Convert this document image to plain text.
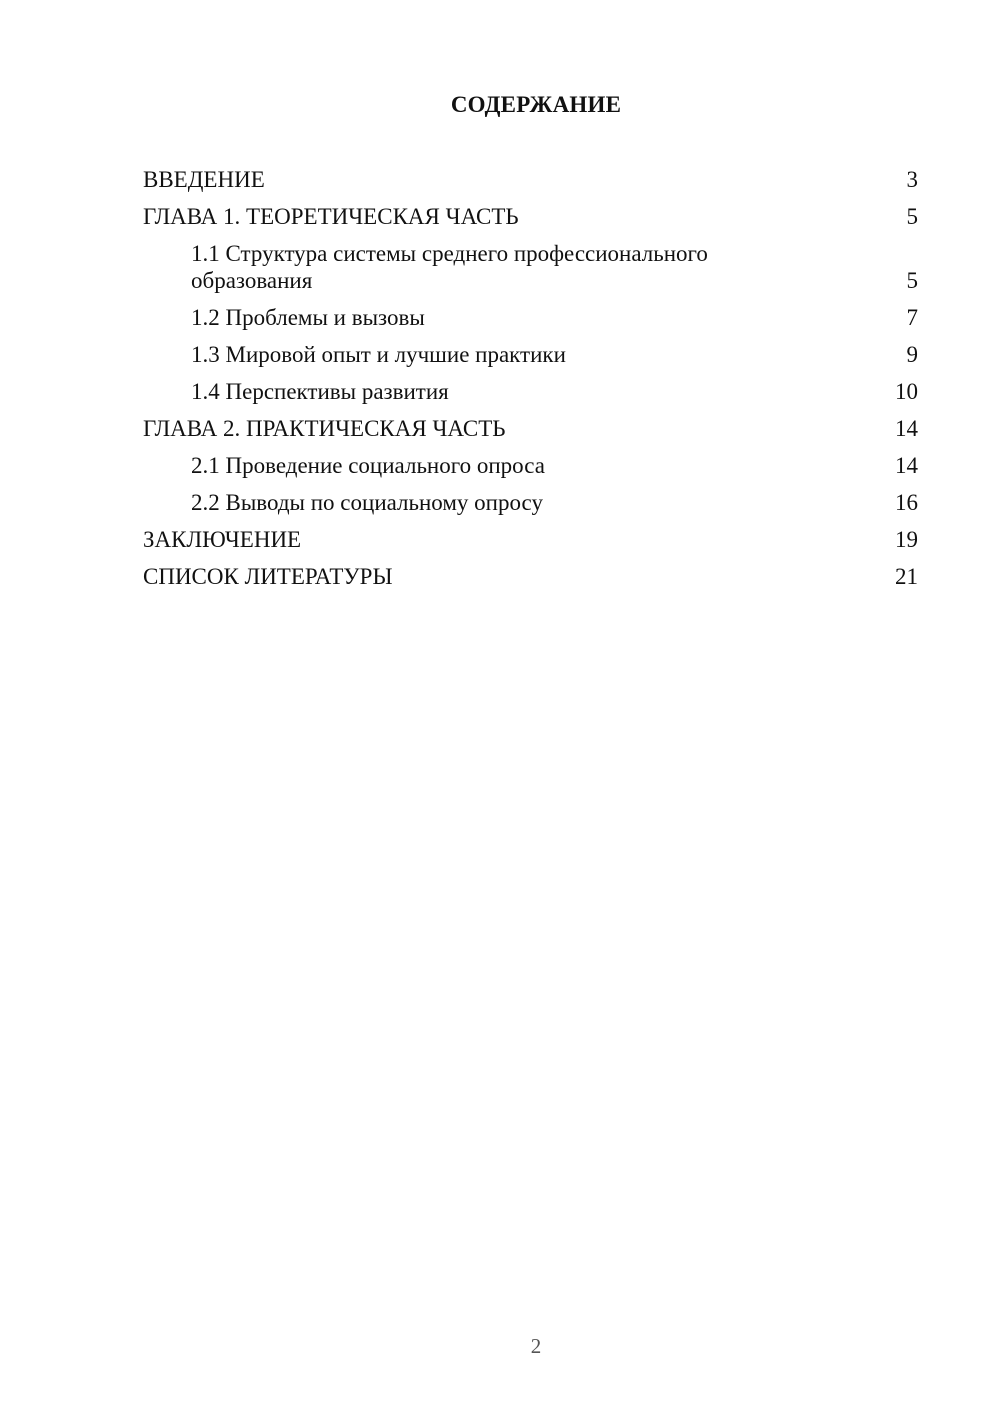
СОДЕРЖАНИЕ
ВВЕДЕНИЕ	3
ГЛАВА 1. ТЕОРЕТИЧЕСКАЯ ЧАСТЬ	5
1.1 Структура системы среднего профессионального
образования	5
1.2 Проблемы и вызовы	7
1.3 Мировой опыт и лучшие практики	9
1.4 Перспективы развития	10
ГЛАВА 2. ПРАКТИЧЕСКАЯ ЧАСТЬ	14
2.1 Проведение социального опроса	14
2.2 Выводы по социальному опросу	16
ЗАКЛЮЧЕНИЕ	19
СПИСОК ЛИТЕРАТУРЫ	21
2
